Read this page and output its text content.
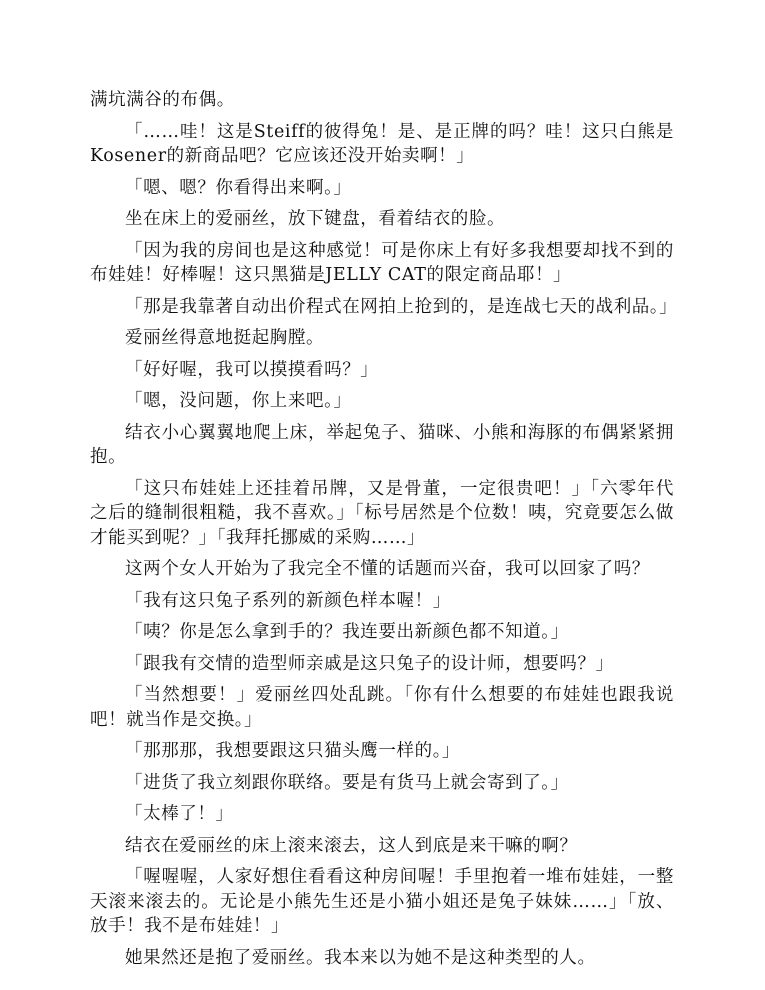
满坑满谷的布偶。

「……哇！这是Steiff的彼得兔！是、是正牌的吗？哇！这只白熊是Kosener的新商品吧？它应该还没开始卖啊！」

「嗯、嗯？你看得出来啊。」

坐在床上的爱丽丝，放下键盘，看着结衣的脸。

「因为我的房间也是这种感觉！可是你床上有好多我想要却找不到的布娃娃！好棒喔！这只黑猫是JELLY CAT的限定商品耶！」

「那是我靠著自动出价程式在网拍上抢到的，是连战七天的战利品。」

爱丽丝得意地挺起胸膛。

「好好喔，我可以摸摸看吗？」

「嗯，没问题，你上来吧。」

结衣小心翼翼地爬上床，举起兔子、猫咪、小熊和海豚的布偶紧紧拥抱。

「这只布娃娃上还挂着吊牌，又是骨董，一定很贵吧！」「六零年代之后的缝制很粗糙，我不喜欢。」「标号居然是个位数！咦，究竟要怎么做才能买到呢？」「我拜托挪威的采购……」

这两个女人开始为了我完全不懂的话题而兴奋，我可以回家了吗？

「我有这只兔子系列的新颜色样本喔！」

「咦？你是怎么拿到手的？我连要出新颜色都不知道。」

「跟我有交情的造型师亲戚是这只兔子的设计师，想要吗？」

「当然想要！」爱丽丝四处乱跳。「你有什么想要的布娃娃也跟我说吧！就当作是交换。」

「那那那，我想要跟这只猫头鹰一样的。」

「进货了我立刻跟你联络。要是有货马上就会寄到了。」

「太棒了！」

结衣在爱丽丝的床上滚来滚去，这人到底是来干嘛的啊？

「喔喔喔，人家好想住看看这种房间喔！手里抱着一堆布娃娃，一整天滚来滚去的。无论是小熊先生还是小猫小姐还是兔子妹妹……」「放、放手！我不是布娃娃！」

她果然还是抱了爱丽丝。我本来以为她不是这种类型的人。
